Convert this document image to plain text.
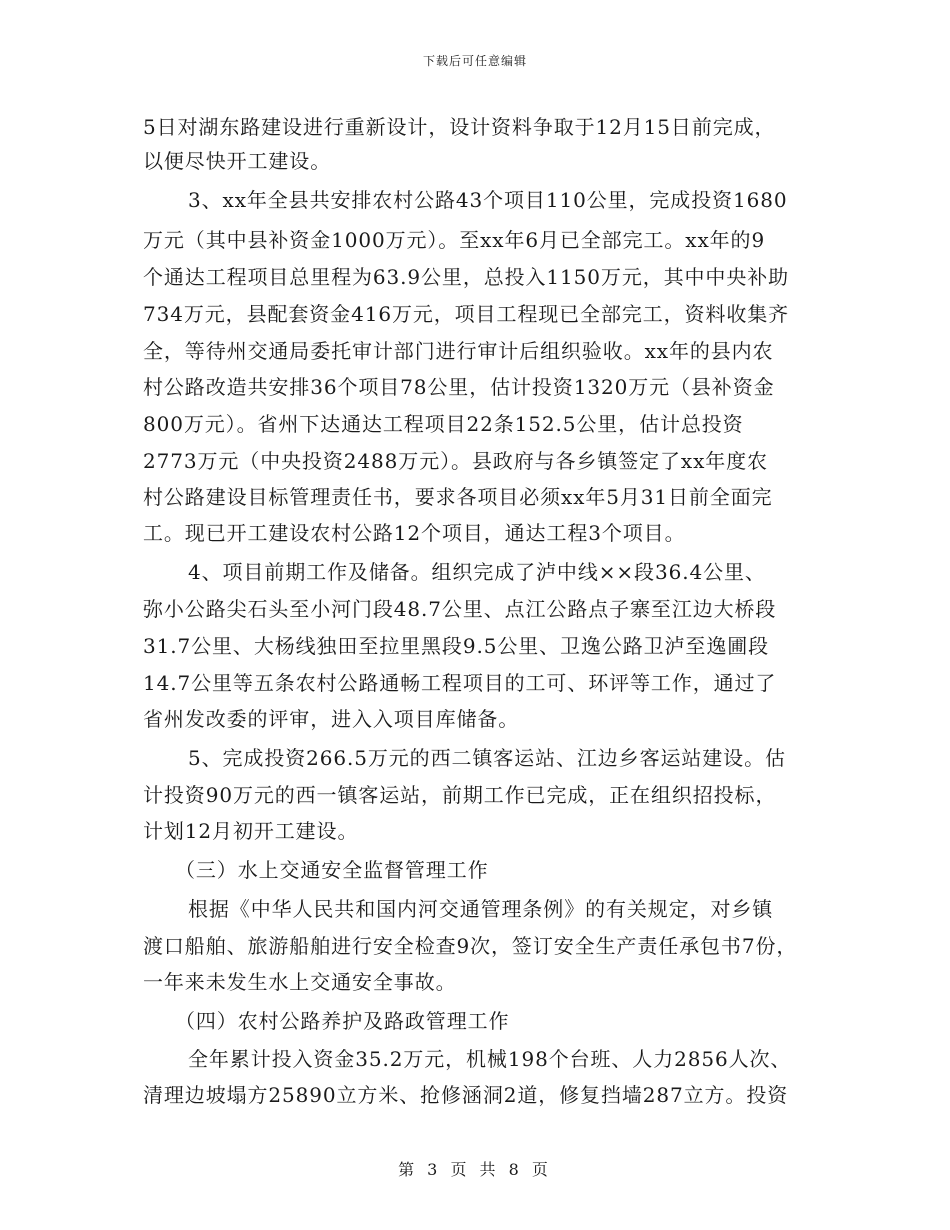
下载后可任意编辑
5日对湖东路建设进行重新设计，设计资料争取于12月15日前完成，
以便尽快开工建设。
3、xx年全县共安排农村公路43个项目110公里，完成投资1680
万元（其中县补资金1000万元）。至xx年6月已全部完工。xx年的9
个通达工程项目总里程为63.9公里，总投入1150万元，其中中央补助
734万元，县配套资金416万元，项目工程现已全部完工，资料收集齐
全，等待州交通局委托审计部门进行审计后组织验收。xx年的县内农
村公路改造共安排36个项目78公里，估计投资1320万元（县补资金
800万元）。省州下达通达工程项目22条152.5公里，估计总投资
2773万元（中央投资2488万元）。县政府与各乡镇签定了xx年度农
村公路建设目标管理责任书，要求各项目必须xx年5月31日前全面完
工。现已开工建设农村公路12个项目，通达工程3个项目。
4、项目前期工作及储备。组织完成了泸中线××段36.4公里、
弥小公路尖石头至小河门段48.7公里、点江公路点子寨至江边大桥段
31.7公里、大杨线独田至拉里黑段9.5公里、卫逸公路卫泸至逸圃段
14.7公里等五条农村公路通畅工程项目的工可、环评等工作，通过了
省州发改委的评审，进入入项目库储备。
5、完成投资266.5万元的西二镇客运站、江边乡客运站建设。估
计投资90万元的西一镇客运站，前期工作已完成，正在组织招投标，
计划12月初开工建设。
（三）水上交通安全监督管理工作
根据《中华人民共和国内河交通管理条例》的有关规定，对乡镇
渡口船舶、旅游船舶进行安全检查9次，签订安全生产责任承包书7份，
一年来未发生水上交通安全事故。
（四）农村公路养护及路政管理工作
全年累计投入资金35.2万元，机械198个台班、人力2856人次、
清理边坡塌方25890立方米、抢修涵洞2道，修复挡墙287立方。投资
第 3 页 共 8 页
